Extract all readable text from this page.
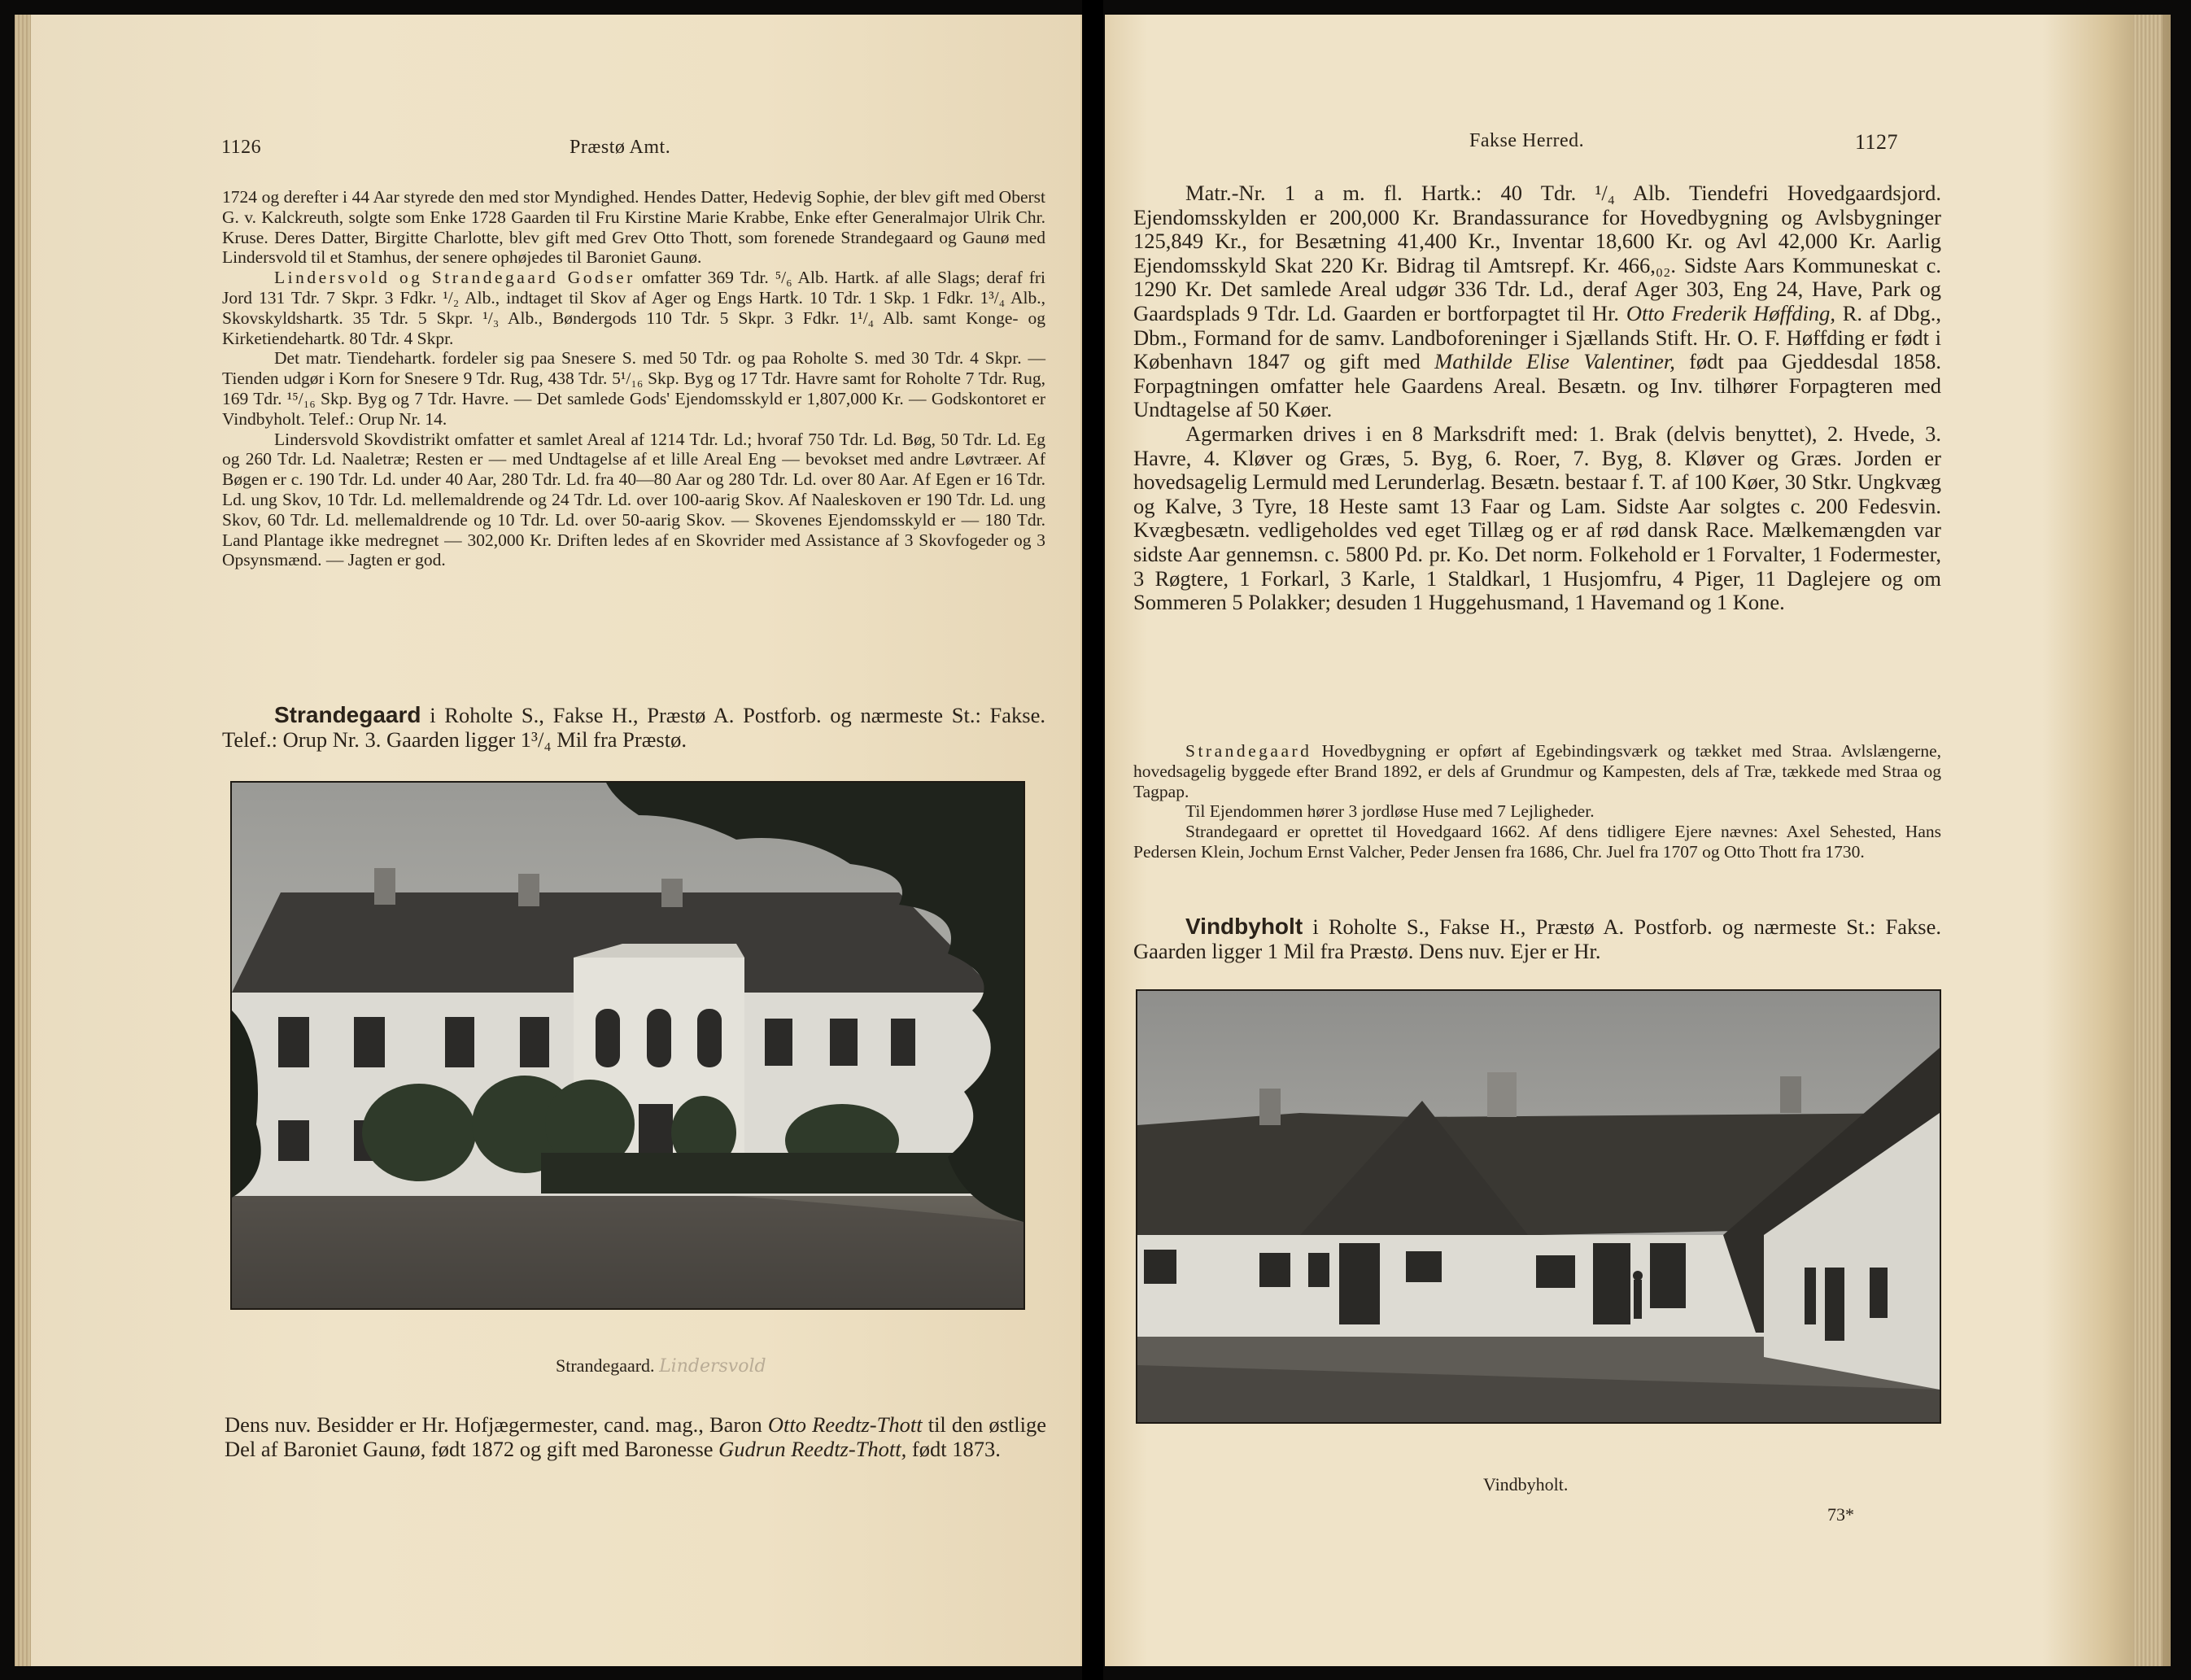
1126	Præstø Amt.

1724 og derefter i 44 Aar styrede den med stor Myndighed. Hendes Datter, Hedevig Sophie, der blev gift med Oberst G. v. Kalckreuth, solgte som Enke 1728 Gaarden til Fru Kirstine Marie Krabbe, Enke efter Generalmajor Ulrik Chr. Kruse. Deres Datter, Birgitte Charlotte, blev gift med Grev Otto Thott, som forenede Strandegaard og Gaunø med Lindersvold til et Stamhus, der senere ophøjedes til Baroniet Gaunø.

Lindersvold og Strandegaard Godser omfatter 369 Tdr. ⁵/₆ Alb. Hartk. af alle Slags; deraf fri Jord 131 Tdr. 7 Skpr. 3 Fdkr. ¹/₂ Alb., indtaget til Skov af Ager og Engs Hartk. 10 Tdr. 1 Skp. 1 Fdkr. 1³/₄ Alb., Skovskyldshartk. 35 Tdr. 5 Skpr. ¹/₃ Alb., Bøndergods 110 Tdr. 5 Skpr. 3 Fdkr. 1¹/₄ Alb. samt Konge- og Kirketiendehartk. 80 Tdr. 4 Skpr.

Det matr. Tiendehartk. fordeler sig paa Snesere S. med 50 Tdr. og paa Roholte S. med 30 Tdr. 4 Skpr. — Tienden udgør i Korn for Snesere 9 Tdr. Rug, 438 Tdr. 5¹/₁₆ Skp. Byg og 17 Tdr. Havre samt for Roholte 7 Tdr. Rug, 169 Tdr. ¹⁵/₁₆ Skp. Byg og 7 Tdr. Havre. — Det samlede Gods' Ejendomsskyld er 1,807,000 Kr. — Godskontoret er Vindbyholt. Telef.: Orup Nr. 14.

Lindersvold Skovdistrikt omfatter et samlet Areal af 1214 Tdr. Ld.; hvoraf 750 Tdr. Ld. Bøg, 50 Tdr. Ld. Eg og 260 Tdr. Ld. Naaletræ; Resten er — med Undtagelse af et lille Areal Eng — bevokset med andre Løvtræer. Af Bøgen er c. 190 Tdr. Ld. under 40 Aar, 280 Tdr. Ld. fra 40—80 Aar og 280 Tdr. Ld. over 80 Aar. Af Egen er 16 Tdr. Ld. ung Skov, 10 Tdr. Ld. mellemaldrende og 24 Tdr. Ld. over 100-aarig Skov. Af Naaleskoven er 190 Tdr. Ld. ung Skov, 60 Tdr. Ld. mellemaldrende og 10 Tdr. Ld. over 50-aarig Skov. — Skovenes Ejendomsskyld er — 180 Tdr. Land Plantage ikke medregnet — 302,000 Kr. Driften ledes af en Skovrider med Assistance af 3 Skovfogeder og 3 Opsynsmænd. — Jagten er god.

Strandegaard i Roholte S., Fakse H., Præstø A. Postforb. og nærmeste St.: Fakse. Telef.: Orup Nr. 3. Gaarden ligger 1³/₄ Mil fra Præstø.

Strandegaard. Lindersvold

Dens nuv. Besidder er Hr. Hofjægermester, cand. mag., Baron Otto Reedtz-Thott til den østlige Del af Baroniet Gaunø, født 1872 og gift med Baronesse Gudrun Reedtz-Thott, født 1873.

Fakse Herred.	1127

Matr.-Nr. 1 a m. fl. Hartk.: 40 Tdr. ¹/₄ Alb. Tiendefri Hovedgaardsjord. Ejendomsskylden er 200,000 Kr. Brandassurance for Hovedbygning og Avlsbygninger 125,849 Kr., for Besætning 41,400 Kr., Inventar 18,600 Kr. og Avl 42,000 Kr. Aarlig Ejendomsskyld Skat 220 Kr. Bidrag til Amtsrepf. Kr. 466,₀₂. Sidste Aars Kommuneskat c. 1290 Kr. Det samlede Areal udgør 336 Tdr. Ld., deraf Ager 303, Eng 24, Have, Park og Gaardsplads 9 Tdr. Ld. Gaarden er bortforpagtet til Hr. Otto Frederik Høffding, R. af Dbg., Dbm., Formand for de samv. Landboforeninger i Sjællands Stift. Hr. O. F. Høffding er født i København 1847 og gift med Mathilde Elise Valentiner, født paa Gjeddesdal 1858. Forpagtningen omfatter hele Gaardens Areal. Besætn. og Inv. tilhører Forpagteren med Undtagelse af 50 Køer.

Agermarken drives i en 8 Marksdrift med: 1. Brak (delvis benyttet), 2. Hvede, 3. Havre, 4. Kløver og Græs, 5. Byg, 6. Roer, 7. Byg, 8. Kløver og Græs. Jorden er hovedsagelig Lermuld med Lerunderlag. Besætn. bestaar f. T. af 100 Køer, 30 Stkr. Ungkvæg og Kalve, 3 Tyre, 18 Heste samt 13 Faar og Lam. Sidste Aar solgtes c. 200 Fedesvin. Kvægbesætn. vedligeholdes ved eget Tillæg og er af rød dansk Race. Mælkemængden var sidste Aar gennemsn. c. 5800 Pd. pr. Ko. Det norm. Folkehold er 1 Forvalter, 1 Fodermester, 3 Røgtere, 1 Forkarl, 3 Karle, 1 Staldkarl, 1 Husjomfru, 4 Piger, 11 Daglejere og om Sommeren 5 Polakker; desuden 1 Huggehusmand, 1 Havemand og 1 Kone.

Strandegaard Hovedbygning er opført af Egebindingsværk og tækket med Straa. Avlslængerne, hovedsagelig byggede efter Brand 1892, er dels af Grundmur og Kampesten, dels af Træ, tækkede med Straa og Tagpap.

Til Ejendommen hører 3 jordløse Huse med 7 Lejligheder.

Strandegaard er oprettet til Hovedgaard 1662. Af dens tidligere Ejere nævnes: Axel Sehested, Hans Pedersen Klein, Jochum Ernst Valcher, Peder Jensen fra 1686, Chr. Juel fra 1707 og Otto Thott fra 1730.

Vindbyholt i Roholte S., Fakse H., Præstø A. Postforb. og nærmeste St.: Fakse. Gaarden ligger 1 Mil fra Præstø. Dens nuv. Ejer er Hr.

Vindbyholt.
73*
